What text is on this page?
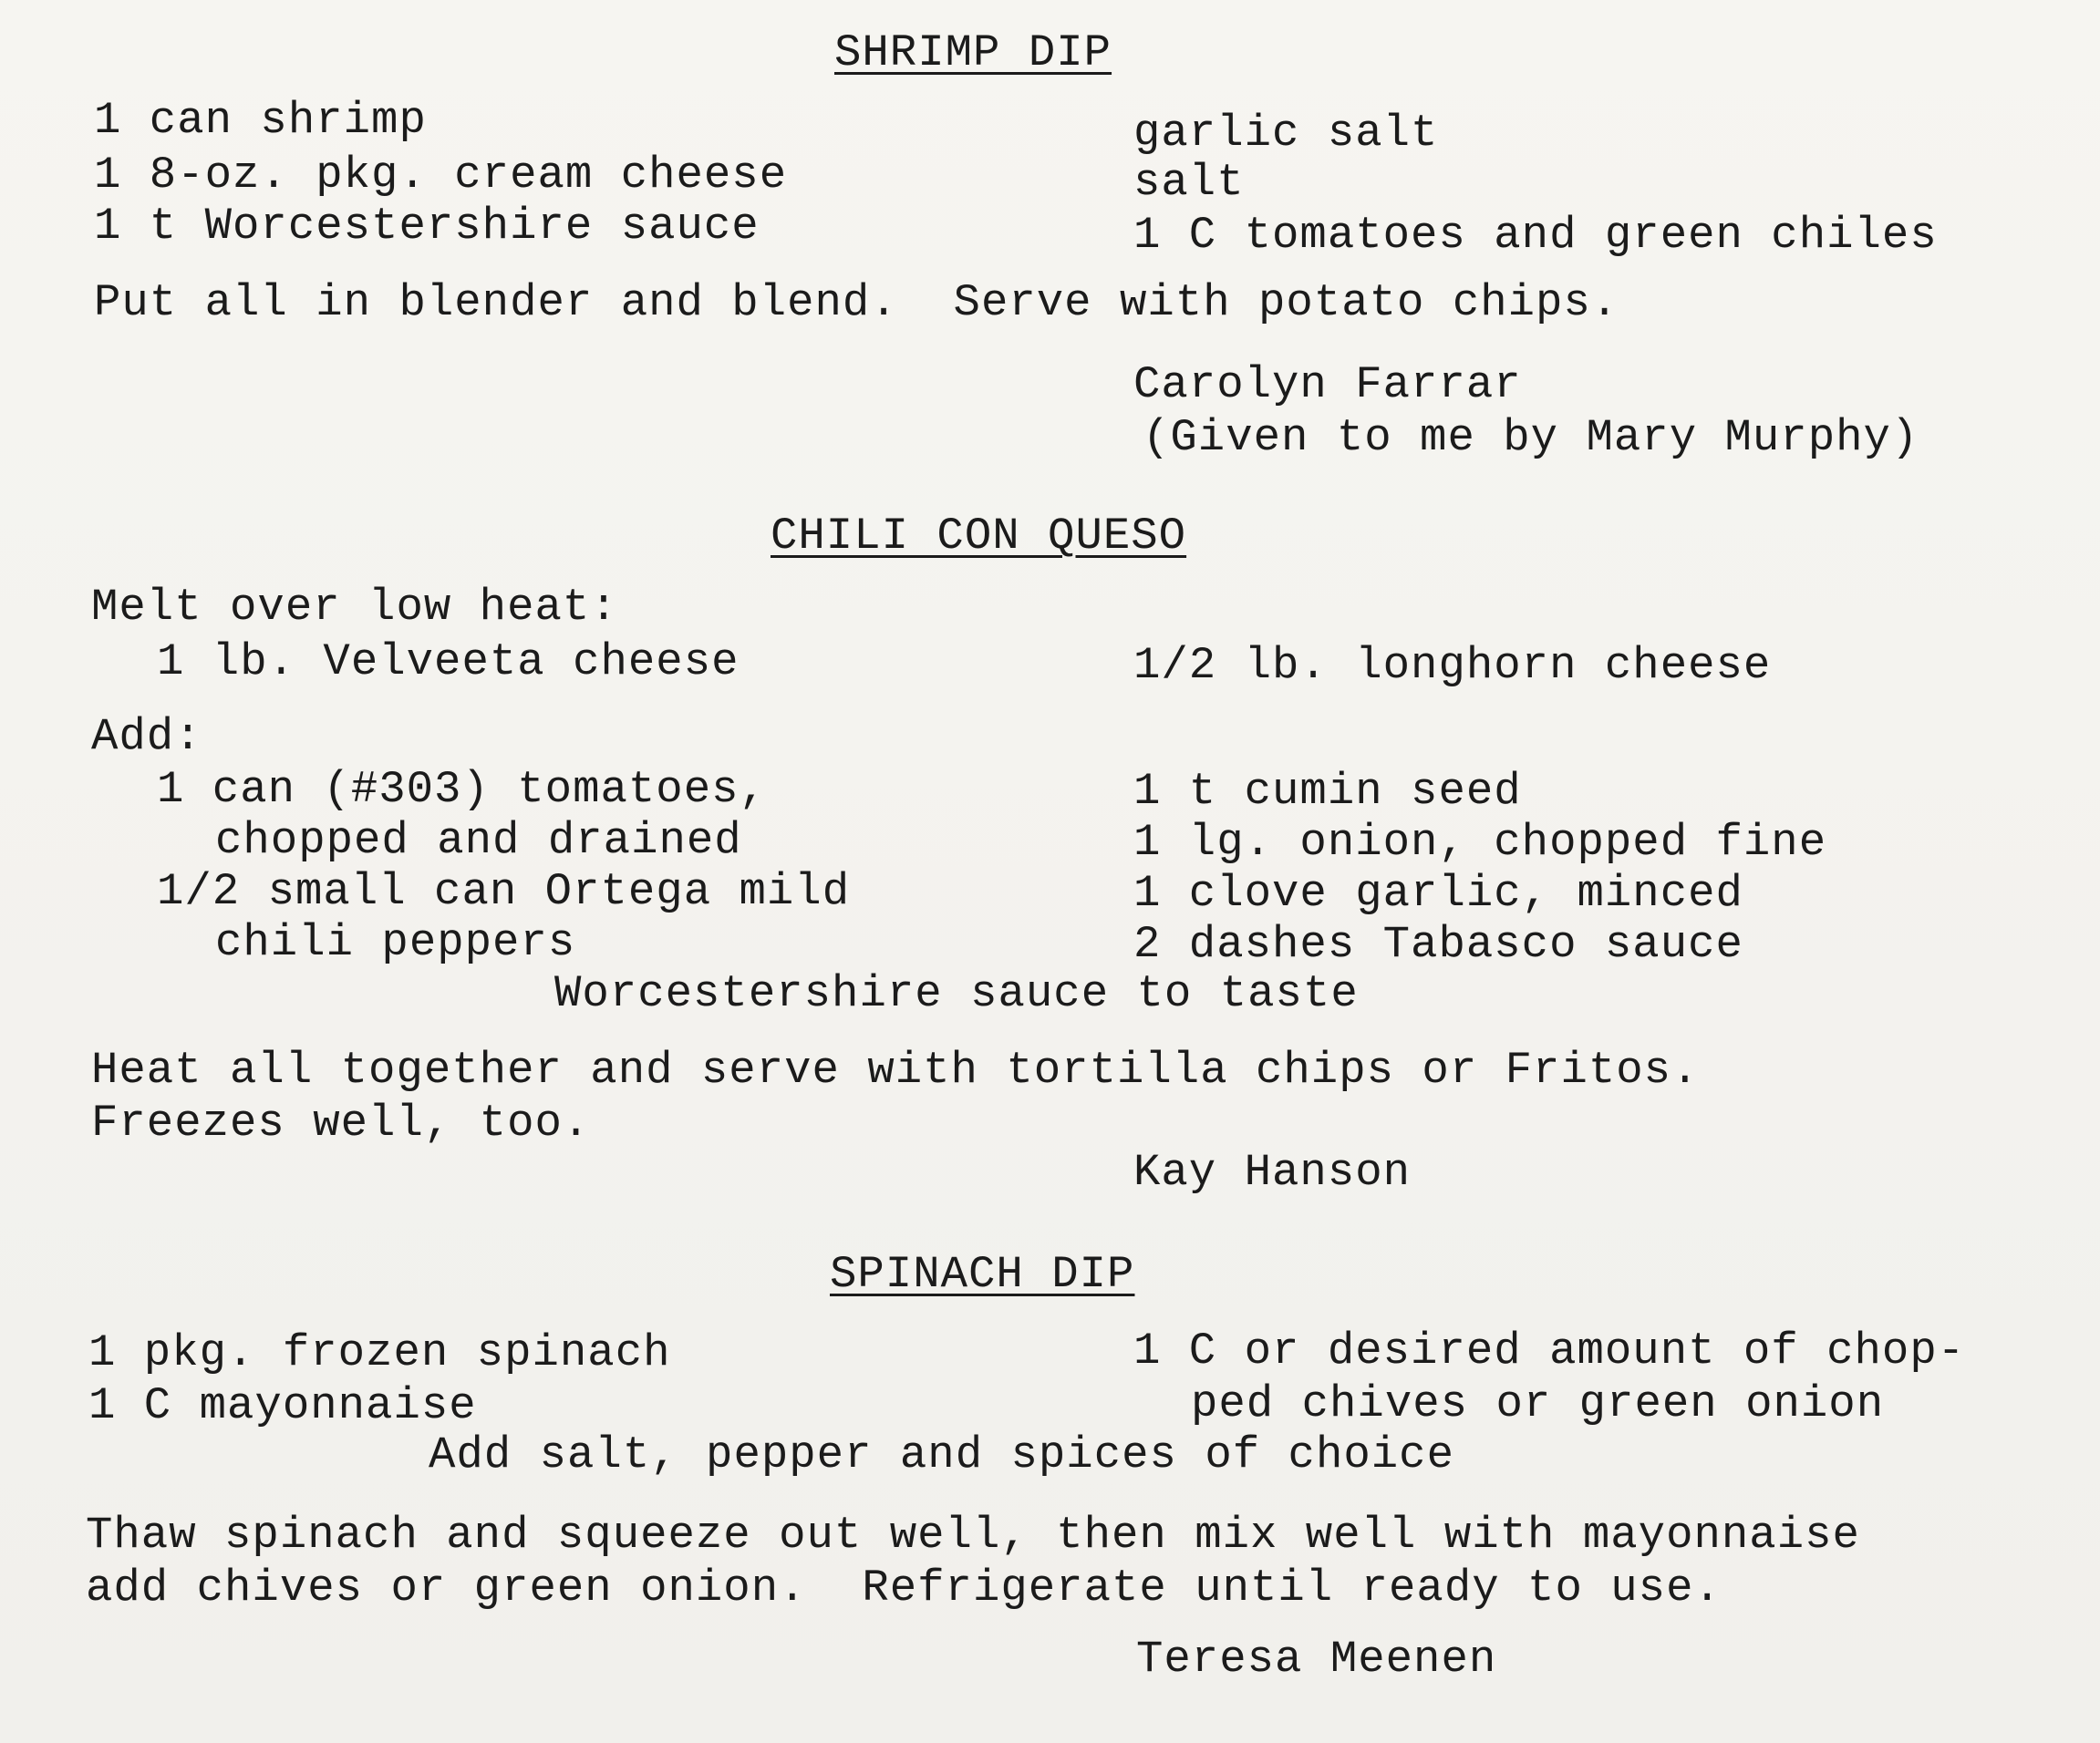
SHRIMP DIP
1 can shrimp
1 8-oz. pkg. cream cheese
1 t Worcestershire sauce
garlic salt
salt
1 C tomatoes and green chiles
Put all in blender and blend.  Serve with potato chips.
Carolyn Farrar
(Given to me by Mary Murphy)
CHILI CON QUESO
Melt over low heat:
1 lb. Velveeta cheese	1/2 lb. longhorn cheese
Add:
1 can (#303) tomatoes,
chopped and drained
1/2 small can Ortega mild
chili peppers
1 t cumin seed
1 lg. onion, chopped fine
1 clove garlic, minced
2 dashes Tabasco sauce
Worcestershire sauce to taste
Heat all together and serve with tortilla chips or Fritos.
Freezes well, too.
Kay Hanson
SPINACH DIP
1 pkg. frozen spinach
1 C mayonnaise
1 C or desired amount of chop-
ped chives or green onion
Add salt, pepper and spices of choice
Thaw spinach and squeeze out well, then mix well with mayonnaise
add chives or green onion.  Refrigerate until ready to use.
Teresa Meenen
